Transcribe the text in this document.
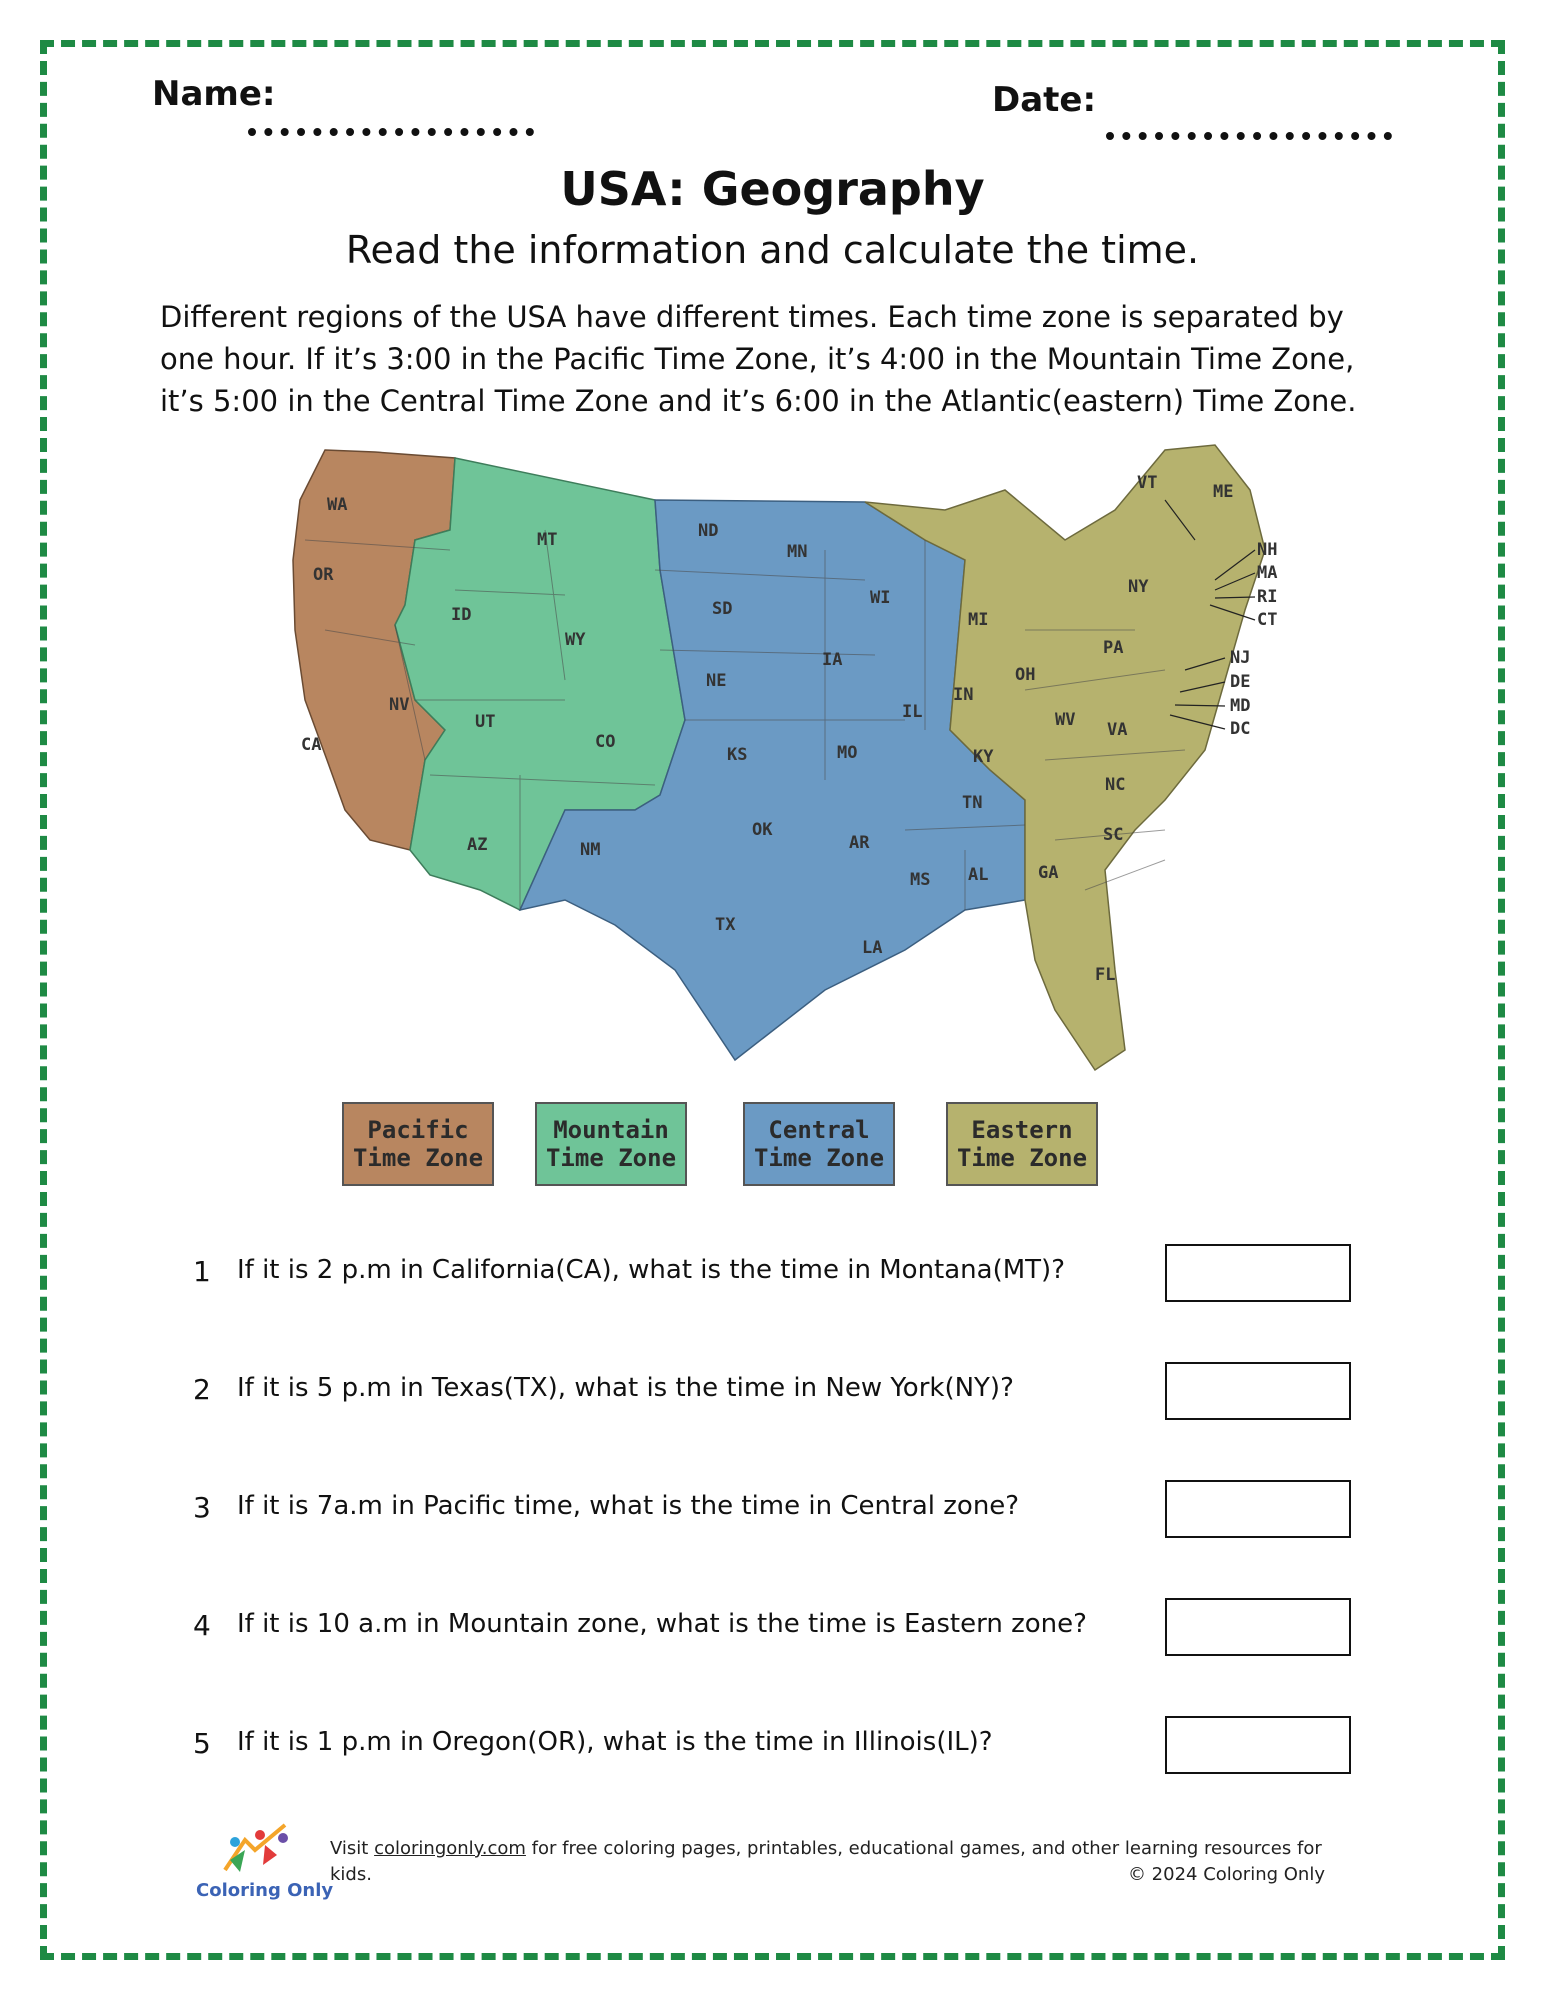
Name:	Date:
USA: Geography
Read the information and calculate the time.
Different regions of the USA have different times. Each time zone is separated by one hour. If it’s 3:00 in the Pacific Time Zone, it’s 4:00 in the Mountain Time Zone, it’s 5:00 in the Central Time Zone and it’s 6:00 in the Atlantic(eastern) Time Zone.
WA
OR
CA
NV
ID
MT
WY
UT
CO
AZ	NM
ND
SD
NE
KS
OK
TX
MN
IA
MO
AR
LA
WI
IL
MS AL
TN
KY
IN
MI
OH
GA
FL
SC
NC
VA
WV
PA
NY
VT	ME
NH
MA
RI
CT
NJ
DE
MD
DC
Pacific
Time Zone
Mountain
Time Zone
Central
Time Zone
Eastern
Time Zone
1 If it is 2 p.m in California(CA), what is the time in Montana(MT)?
2 If it is 5 p.m in Texas(TX), what is the time in New York(NY)?
3 If it is 7a.m in Pacific time, what is the time in Central zone?
4 If it is 10 a.m in Mountain zone, what is the time is Eastern zone?
5 If it is 1 p.m in Oregon(OR), what is the time in Illinois(IL)?
Coloring Only
Visit coloringonly.com for free coloring pages, printables, educational games, and other learning resources for kids.	© 2024 Coloring Only
